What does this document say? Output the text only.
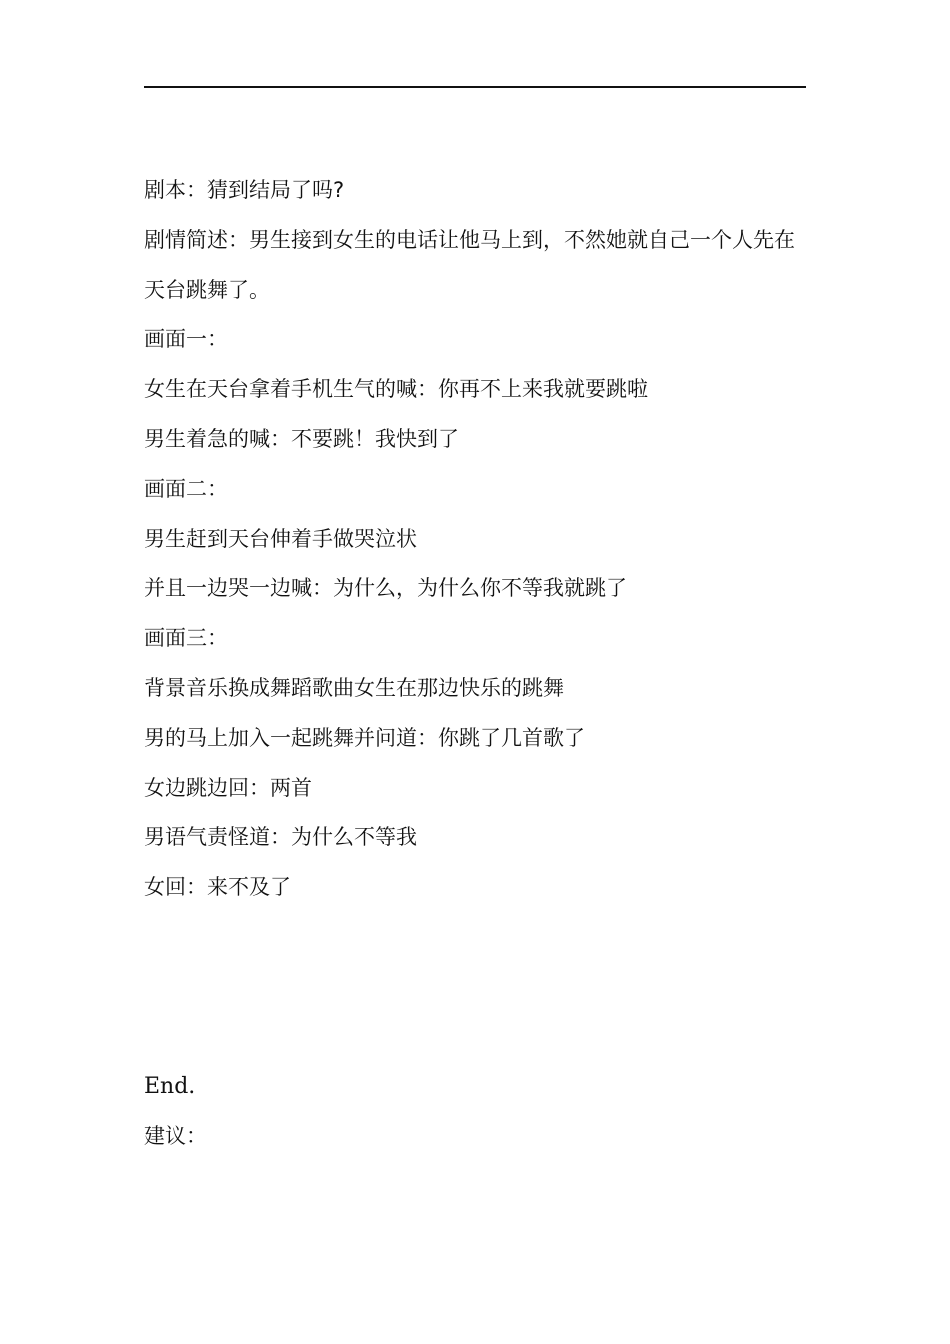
剧本：猜到结局了吗?

剧情简述：男生接到女生的电话让他马上到，不然她就自己一个人先在天台跳舞了。

画面一：

女生在天台拿着手机生气的喊：你再不上来我就要跳啦

男生着急的喊：不要跳！我快到了

画面二：

男生赶到天台伸着手做哭泣状

并且一边哭一边喊：为什么，为什么你不等我就跳了

画面三：

背景音乐换成舞蹈歌曲女生在那边快乐的跳舞

男的马上加入一起跳舞并问道：你跳了几首歌了

女边跳边回：两首

男语气责怪道：为什么不等我

女回：来不及了

End.

建议：
